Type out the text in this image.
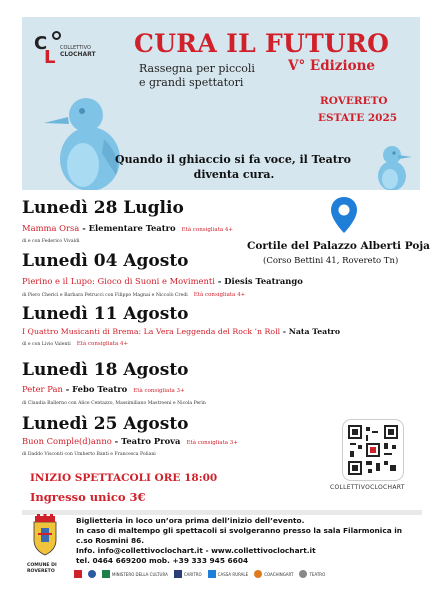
C
L COLLETTIVO
CLOCHART CURA IL FUTURO
Rassegna per piccoli
e grandi spettatori
V° Edizione
ROVERETO
ESTATE 2025
Quando il ghiaccio si fa voce, il Teatro
diventa cura.
Cortile del Palazzo Alberti Poja
(Corso Bettini 41, Rovereto Tn)
Lunedì 28 Luglio
Mamma Orsa - Elementare Teatro Età consigliata 4+
di e con Federico Vivaldi
Lunedì 04 Agosto
Pierino e il Lupo: Gioco di Suoni e Movimenti - Diesis Teatrango
di Piero Cherici e Barbara Petrucci con Filippo Magnai e Niccolò Credi Età consigliata 4+
Lunedì 11 Agosto
I Quattro Musicanti di Brema: La Vera Leggenda del Rock ’n Roll - Nata Teatro
di e con Livio Valenti Età consigliata 4+
Lunedì 18 Agosto
Peter Pan - Febo Teatro Età consigliata 3+
di Claudia Ballerno con Alice Centazzo, Massimiliano Mastroeni e Nicola Perin
Lunedì 25 Agosto
Buon Comple(d)anno - Teatro Prova Età consigliata 3+
di Daddo Visconti con Umberto Banti e Francesca Poliani
COLLETTIVOCLOCHART
INIZIO SPETTACOLI ORE 18:00
Ingresso unico 3€
COMUNE DI
ROVERETO
Biglietteria in loco un’ora prima dell’inizio dell’evento.
In caso di maltempo gli spettacoli si svolgeranno presso la sala Filarmonica in
c.so Rosmini 86.
Info. info@collettivoclochart.it - www.collettivoclochart.it
tel. 0464 669200 mob. +39 333 945 6604
MINISTERO DELLA CULTURA	CARITRO	CASSA RURALE	COACHINGART	TEATRO
